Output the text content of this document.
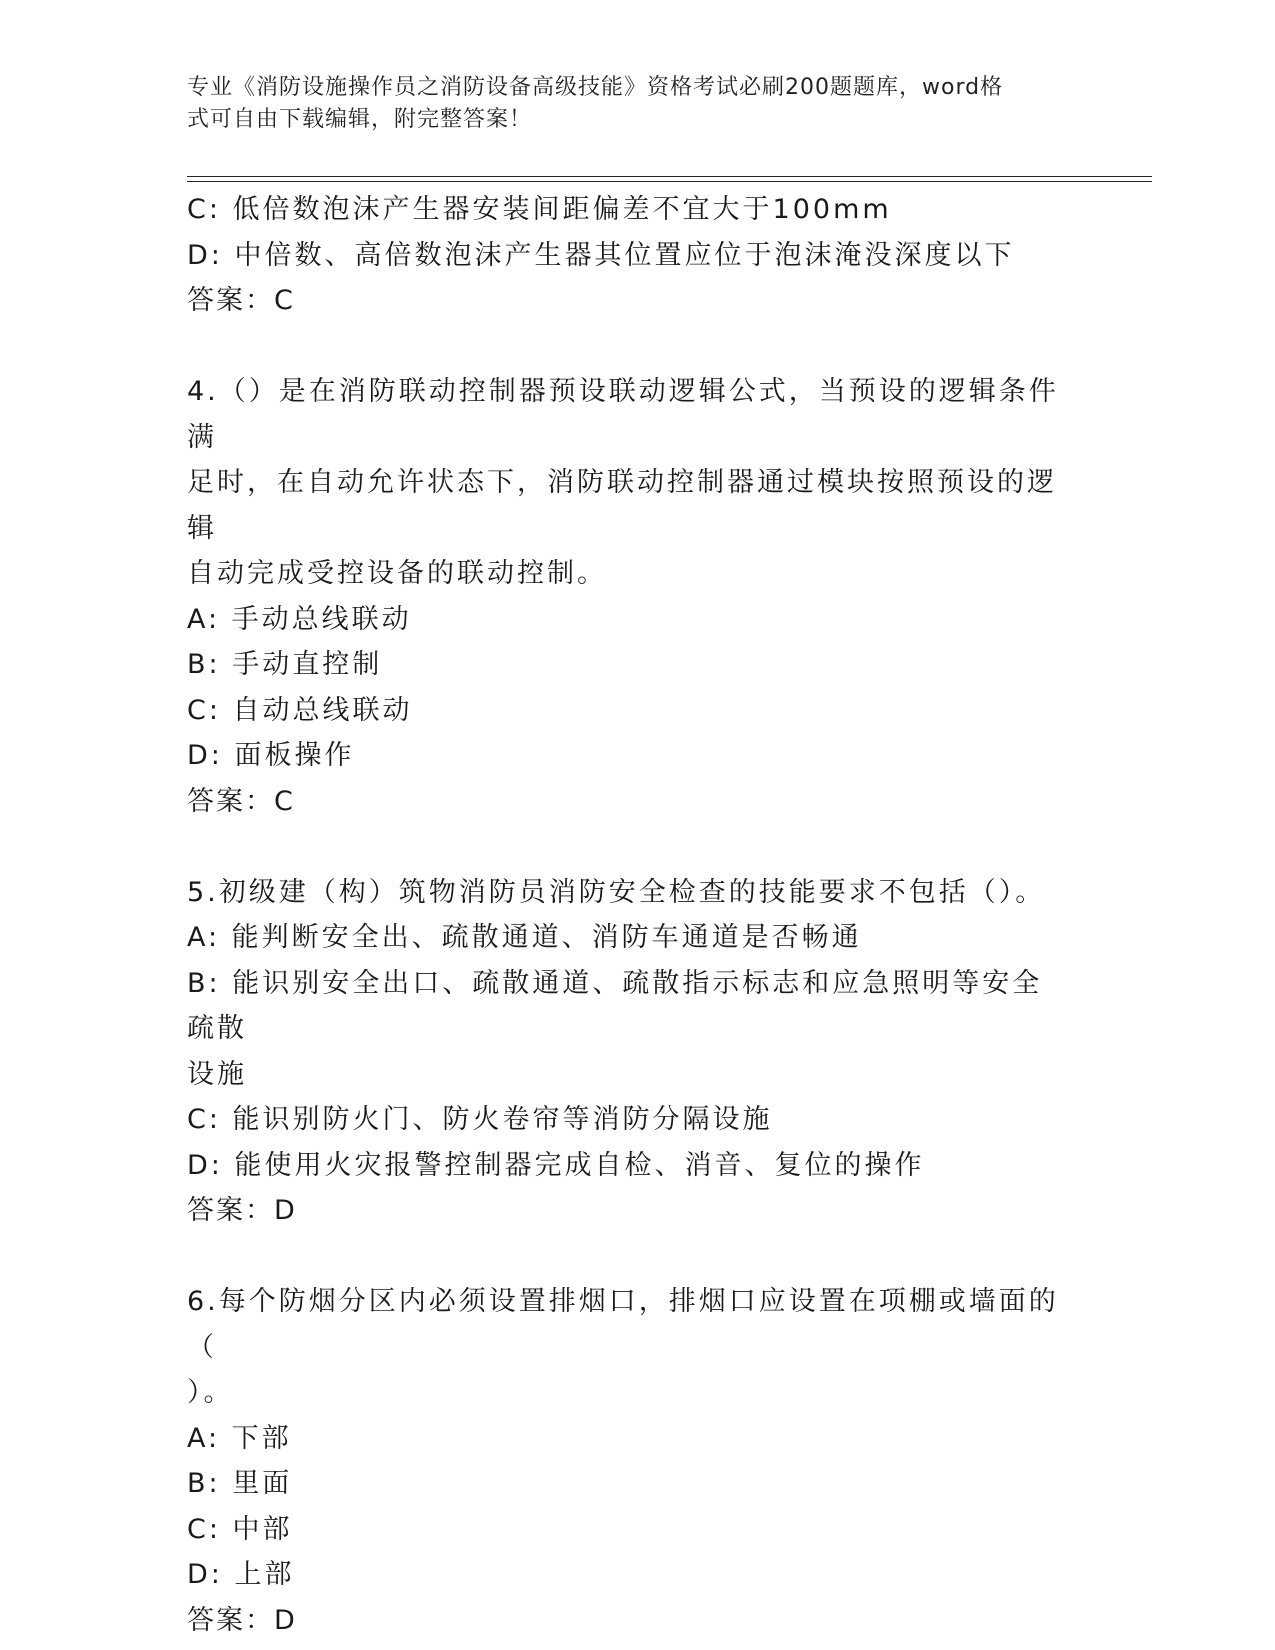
专业《消防设施操作员之消防设备高级技能》资格考试必刷200题题库，word格
式可自由下载编辑，附完整答案！

C: 低倍数泡沫产生器安装间距偏差不宜大于100mm

D: 中倍数、高倍数泡沫产生器其位置应位于泡沫淹没深度以下

答案：C

4.（）是在消防联动控制器预设联动逻辑公式，当预设的逻辑条件满

足时，在自动允许状态下，消防联动控制器通过模块按照预设的逻辑

自动完成受控设备的联动控制。

A: 手动总线联动

B: 手动直控制

C: 自动总线联动

D: 面板操作

答案：C

5.初级建（构）筑物消防员消防安全检查的技能要求不包括（）。

A: 能判断安全出、疏散通道、消防车通道是否畅通

B: 能识别安全出口、疏散通道、疏散指示标志和应急照明等安全疏散

设施

C: 能识别防火门、防火卷帘等消防分隔设施

D: 能使用火灾报警控制器完成自检、消音、复位的操作

答案：D

6.每个防烟分区内必须设置排烟口，排烟口应设置在项棚或墙面的（

）。

A: 下部

B: 里面

C: 中部

D: 上部

答案：D
